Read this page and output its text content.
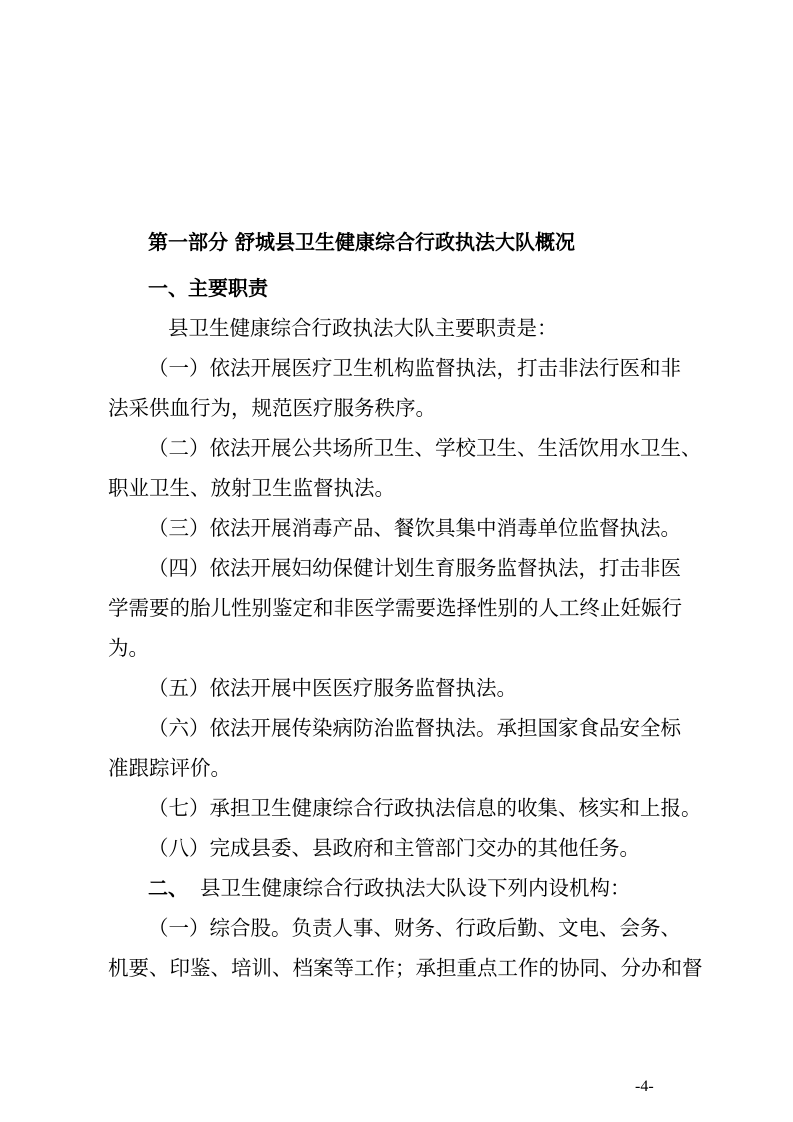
第一部分 舒城县卫生健康综合行政执法大队概况
一、主要职责
县卫生健康综合行政执法大队主要职责是：
（一）依法开展医疗卫生机构监督执法，打击非法行医和非
法采供血行为，规范医疗服务秩序。
（二）依法开展公共场所卫生、学校卫生、生活饮用水卫生、
职业卫生、放射卫生监督执法。
（三）依法开展消毒产品、餐饮具集中消毒单位监督执法。
（四）依法开展妇幼保健计划生育服务监督执法，打击非医
学需要的胎儿性别鉴定和非医学需要选择性别的人工终止妊娠行
为。
（五）依法开展中医医疗服务监督执法。
（六）依法开展传染病防治监督执法。承担国家食品安全标
准跟踪评价。
（七）承担卫生健康综合行政执法信息的收集、核实和上报。
（八）完成县委、县政府和主管部门交办的其他任务。
二、 县卫生健康综合行政执法大队设下列内设机构：
（一）综合股。负责人事、财务、行政后勤、文电、会务、
机要、印鉴、培训、档案等工作；承担重点工作的协同、分办和督
-4-
